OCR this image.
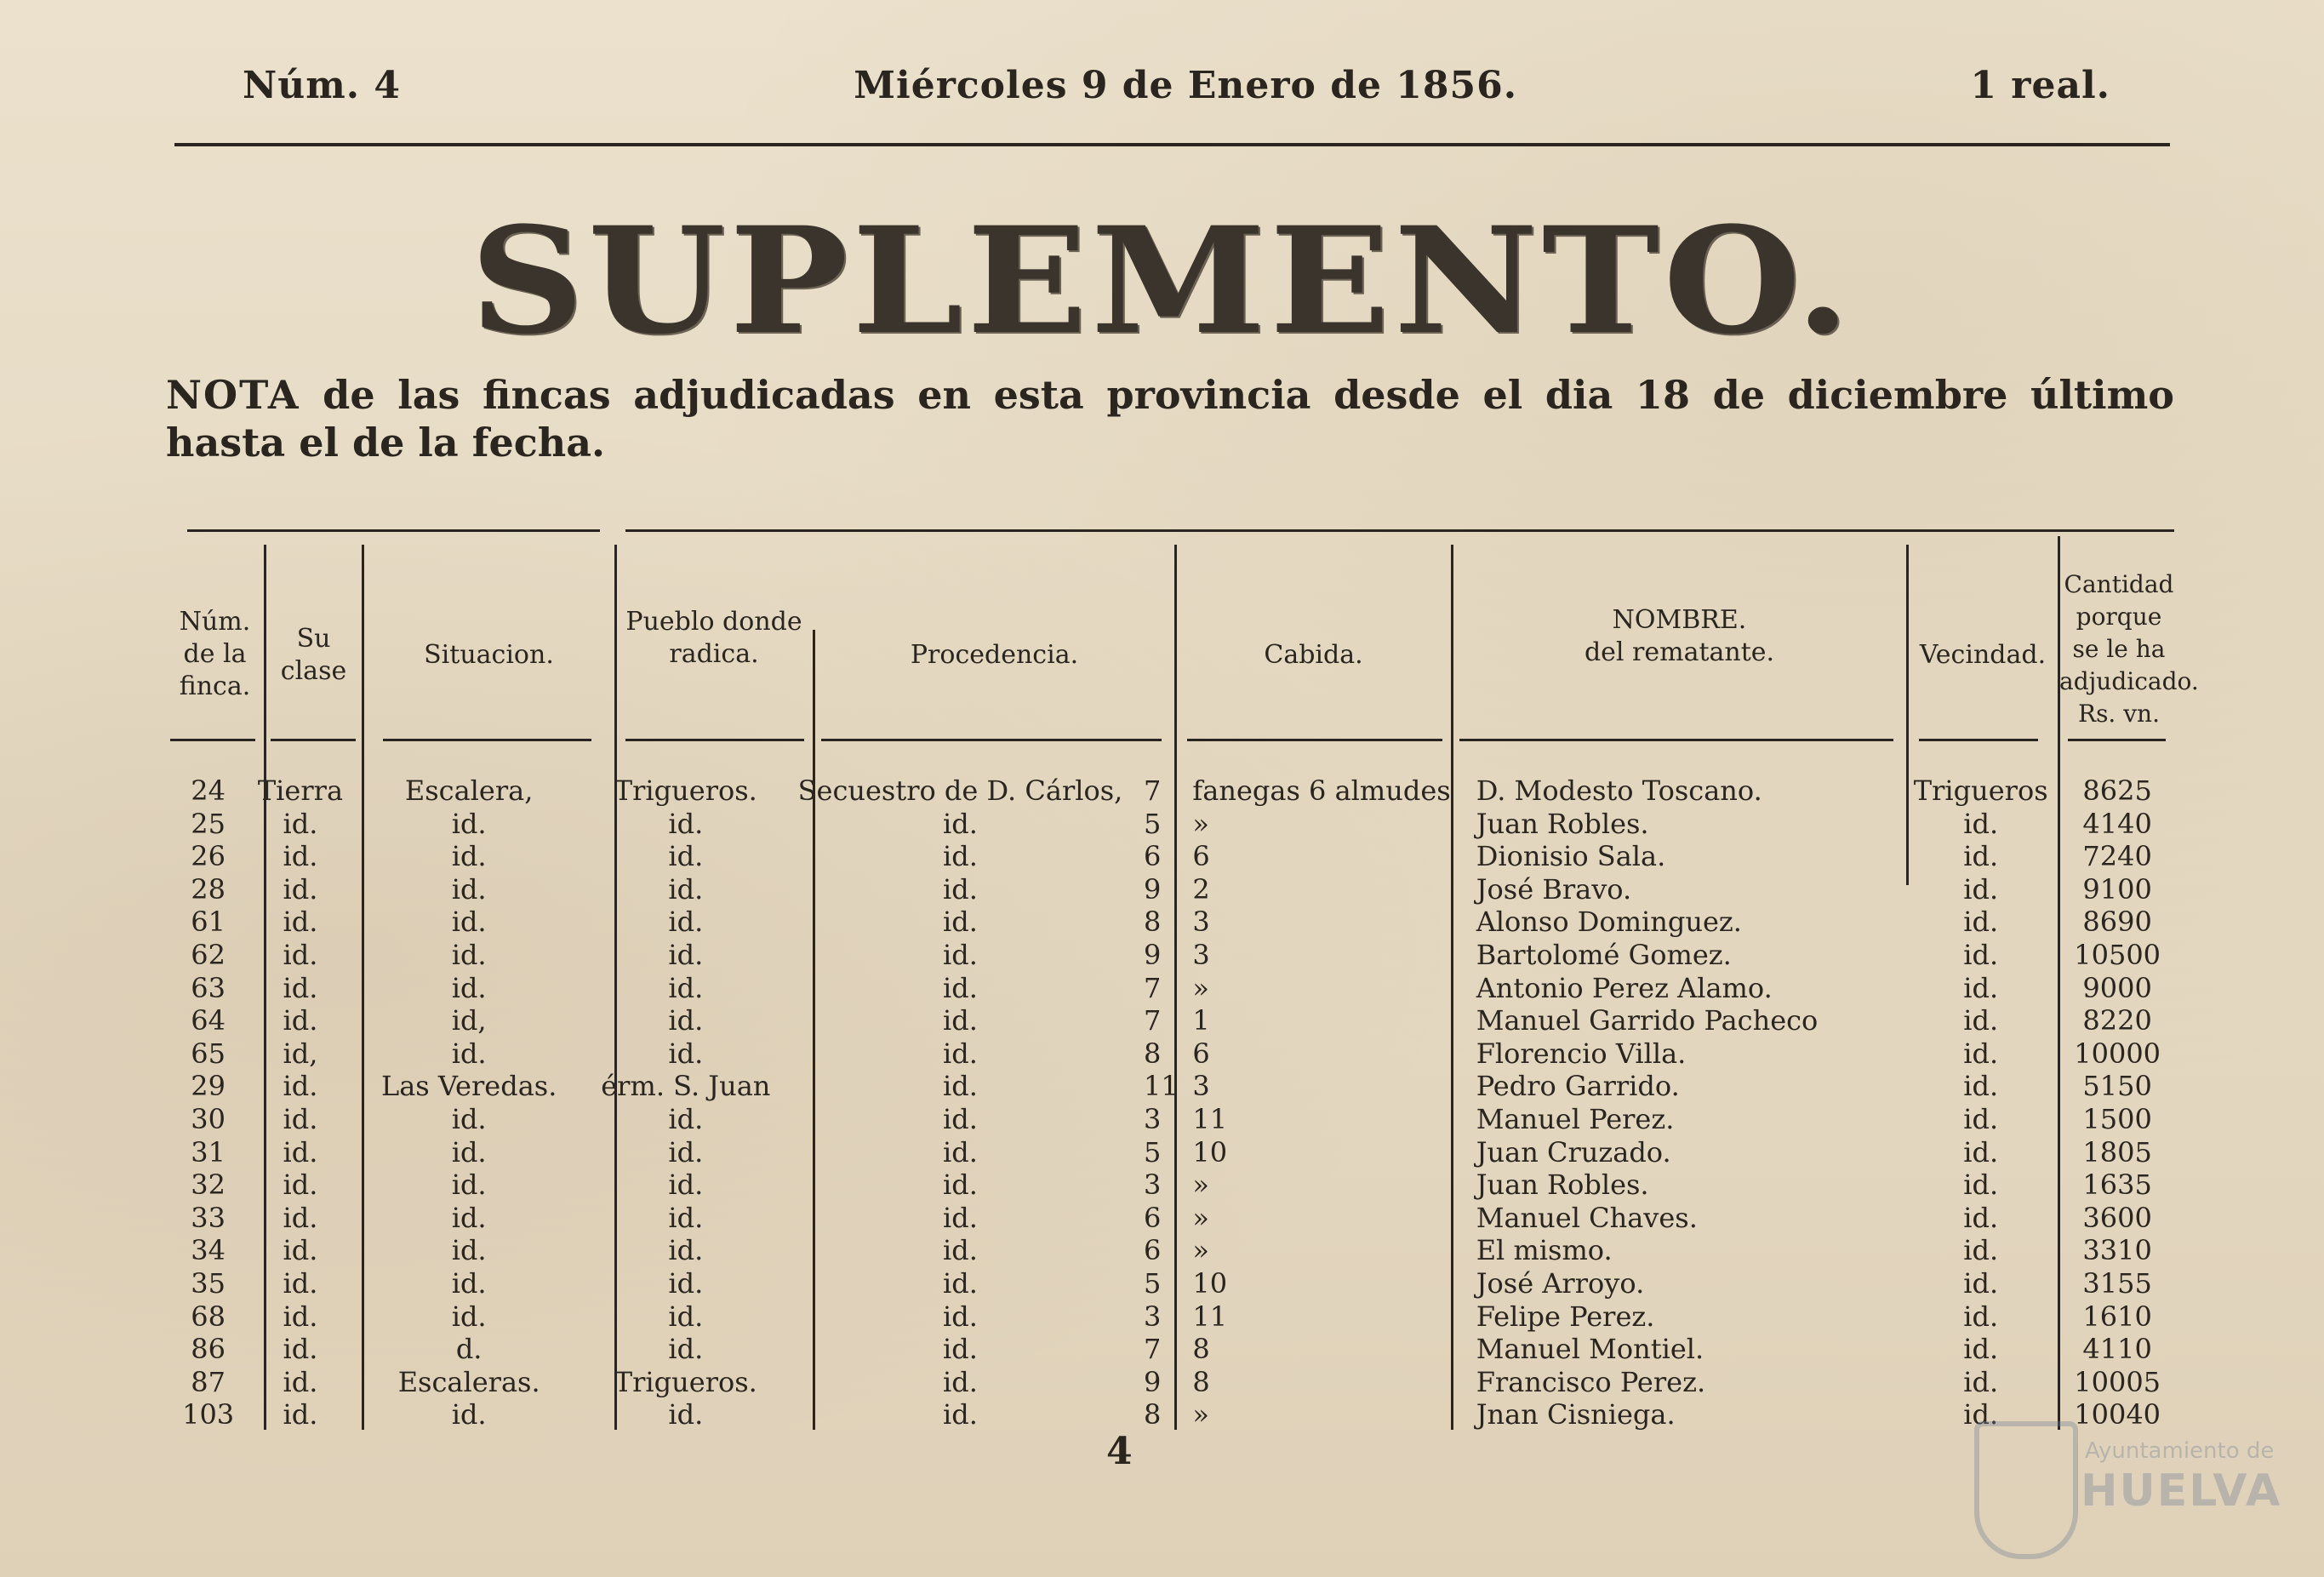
Núm. 4	Miércoles 9 de Enero de 1856.	1 real.
SUPLEMENTO.
NOTA de las fincas adjudicadas en esta provincia desde el dia 18 de diciembre último hasta el de la fecha.
Núm. de la finca.
Su clase
Situacion.
Pueblo donde radica.	Procedencia.	Cabida.
NOMBRE.
del rematante.	Vecindad.
Cantidad porque se le ha adjudicado. Rs. vn.
24	Tierra	Escalera,	Trigueros.	Secuestro de D. Cárlos,	7	fanegas 6 almudes	D. Modesto Toscano.	Trigueros	8625
25	id.	id.	id.	id.	5	»	Juan Robles.	id.	4140
26	id.	id.	id.	id.	6	6	Dionisio Sala.	id.	7240
28	id.	id.	id.	id.	9	2	José Bravo.	id.	9100
61	id.	id.	id.	id.	8	3	Alonso Dominguez.	id.	8690
62	id.	id.	id.	id.	9	3	Bartolomé Gomez.	id.	10500
63	id.	id.	id.	id.	7	»	Antonio Perez Alamo.	id.	9000
64	id.	id,	id.	id.	7	1	Manuel Garrido Pacheco	id.	8220
65	id,	id.	id.	id.	8	6	Florencio Villa.	id.	10000
29	id.	Las Veredas.	érm. S. Juan	id.	11	3	Pedro Garrido.	id.	5150
30	id.	id.	id.	id.	3	11	Manuel Perez.	id.	1500
31	id.	id.	id.	id.	5	10	Juan Cruzado.	id.	1805
32	id.	id.	id.	id.	3	»	Juan Robles.	id.	1635
33	id.	id.	id.	id.	6	»	Manuel Chaves.	id.	3600
34	id.	id.	id.	id.	6	»	El mismo.	id.	3310
35	id.	id.	id.	id.	5	10	José Arroyo.	id.	3155
68	id.	id.	id.	id.	3	11	Felipe Perez.	id.	1610
86	id.	d.	id.	id.	7	8	Manuel Montiel.	id.	4110
87	id.	Escaleras.	Trigueros.	id.	9	8	Francisco Perez.	id.	10005
103	id.	id.	id.	id.	8	»	Jnan Cisniega.	id.	10040
4	Ayuntamiento de
HUELVA
